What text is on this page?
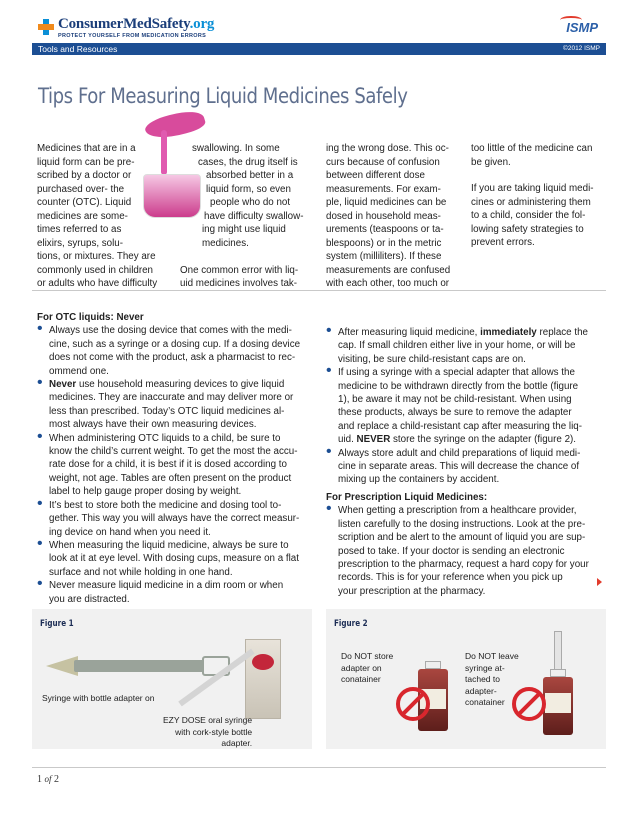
ConsumerMedSafety.org
PROTECT YOURSELF FROM MEDICATION ERRORS
ISMP
Tools and Resources	©2012 ISMP
Tips For Measuring Liquid Medicines Safely

Medicines that are in a

liquid form can be pre-

scribed by a doctor or

purchased over- the

counter (OTC). Liquid

medicines are some-

times referred to as

elixirs, syrups, solu-

tions, or mixtures. They are

commonly used in children

or adults who have difficulty

swallowing. In some

cases, the drug itself is

absorbed better in a

liquid form, so even

people who do not

have difficulty swallow-

ing might use liquid

medicines.

One common error with liq-

uid medicines involves tak-

ing the wrong dose. This oc-

curs because of confusion

between different dose

measurements. For exam-

ple, liquid medicines can be

dosed in household meas-

urements (teaspoons or ta-

blespoons) or in the metric

system (milliliters). If these

measurements are confused

with each other, too much or

too little of the medicine can

be given.

If you are taking liquid medi-

cines or administering them

to a child, consider the fol-

lowing safety strategies to

prevent errors.

For OTC liquids: Never
• Always use the dosing device that comes with the medi-
cine, such as a syringe or a dosing cup. If a dosing device
does not come with the product, ask a pharmacist to rec-
ommend one.
• Never use household measuring devices to give liquid
medicines. They are inaccurate and may deliver more or
less than prescribed. Today’s OTC liquid medicines al-
most always have their own measuring devices.
• When administering OTC liquids to a child, be sure to
know the child’s current weight. To get the most the accu-
rate dose for a child, it is best if it is dosed according to
weight, not age. Tables are often present on the product
label to help gauge proper dosing by weight.
• It’s best to store both the medicine and dosing tool to-
gether. This way you will always have the correct measur-
ing device on hand when you need it.
• When measuring the liquid medicine, always be sure to
look at it at eye level. With dosing cups, measure on a flat
surface and not while holding in one hand.
• Never measure liquid medicine in a dim room or when
you are distracted.
• After measuring liquid medicine, immediately replace the
cap. If small children either live in your home, or will be
visiting, be sure child-resistant caps are on.
• If using a syringe with a special adapter that allows the
medicine to be withdrawn directly from the bottle (figure
1), be aware it may not be child-resistant. When using
these products, always be sure to remove the adapter
and replace a child-resistant cap after measuring the liq-
uid. NEVER store the syringe on the adapter (figure 2).
• Always store adult and child preparations of liquid medi-
cine in separate areas. This will decrease the chance of
mixing up the containers by accident.
For Prescription Liquid Medicines:
• When getting a prescription from a healthcare provider,
listen carefully to the dosing instructions. Look at the pre-
scription and be alert to the amount of liquid you are sup-
posed to take. If your doctor is sending an electronic
prescription to the pharmacy, request a hard copy for your
records. This is for your reference when you pick up
your prescription at the pharmacy.
Figure 1
Syringe with bottle adapter on
EZY DOSE oral syringe
with cork-style bottle
adapter.
Figure 2
Do NOT store
adapter on
conatainer
Do NOT leave
syringe at-
tached to
adapter-
conatainer
1 of 2
